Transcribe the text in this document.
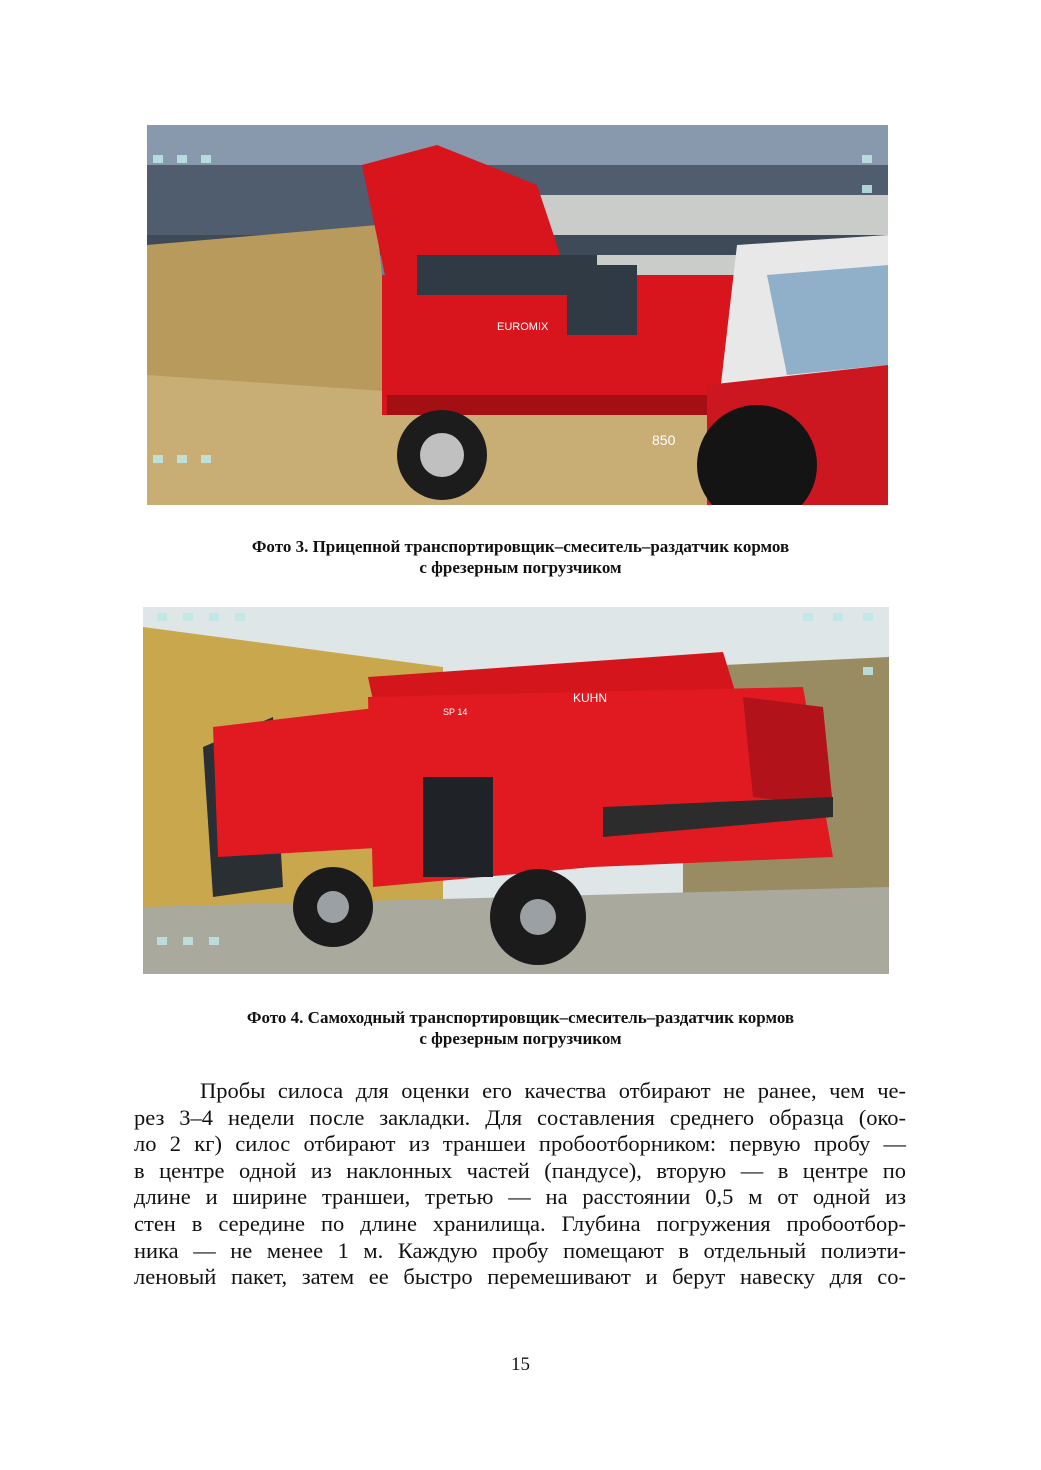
EUROMIX
850

Фото 3. Прицепной транспортировщик–смеситель–раздатчик кормов
с фрезерным погрузчиком

KUHN
SP 14

Фото 4. Самоходный транспортировщик–смеситель–раздатчик кормов
с фрезерным погрузчиком

Пробы силоса для оценки его качества отбирают не ранее, чем че-
рез 3–4 недели после закладки. Для составления среднего образца (око-
ло 2 кг) силос отбирают из траншеи пробоотборником: первую пробу —
в центре одной из наклонных частей (пандусе), вторую — в центре по
длине и ширине траншеи, третью — на расстоянии 0,5 м от одной из
стен в середине по длине хранилища. Глубина погружения пробоотбор-
ника — не менее 1 м. Каждую пробу помещают в отдельный полиэти-
леновый пакет, затем ее быстро перемешивают и берут навеску для со-

15
